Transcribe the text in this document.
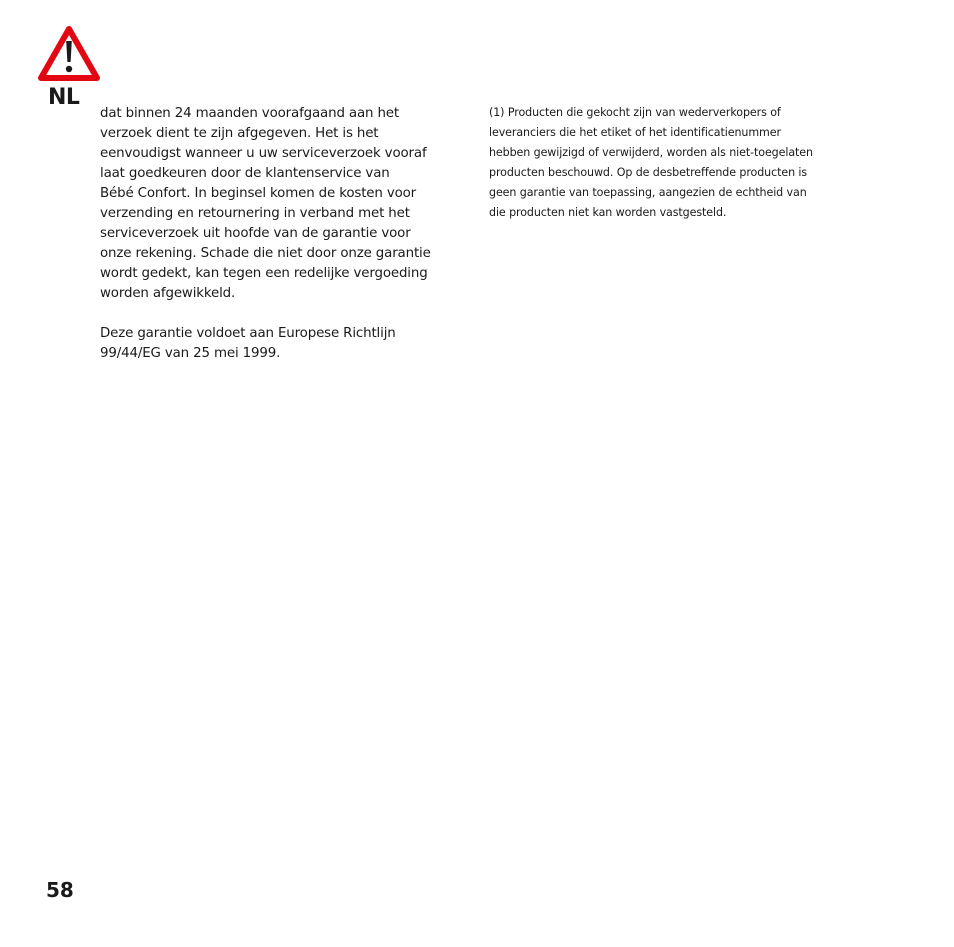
NL

dat binnen 24 maanden voorafgaand aan het
verzoek dient te zijn afgegeven. Het is het
eenvoudigst wanneer u uw serviceverzoek vooraf
laat goedkeuren door de klantenservice van
Bébé Confort. In beginsel komen de kosten voor
verzending en retournering in verband met het
serviceverzoek uit hoofde van de garantie voor
onze rekening. Schade die niet door onze garantie
wordt gedekt, kan tegen een redelijke vergoeding
worden afgewikkeld.

Deze garantie voldoet aan Europese Richtlijn
99/44/EG van 25 mei 1999.

(1) Producten die gekocht zijn van wederverkopers of
leveranciers die het etiket of het identificatienummer
hebben gewijzigd of verwijderd, worden als niet-toegelaten
producten beschouwd. Op de desbetreffende producten is
geen garantie van toepassing, aangezien de echtheid van
die producten niet kan worden vastgesteld.

58
